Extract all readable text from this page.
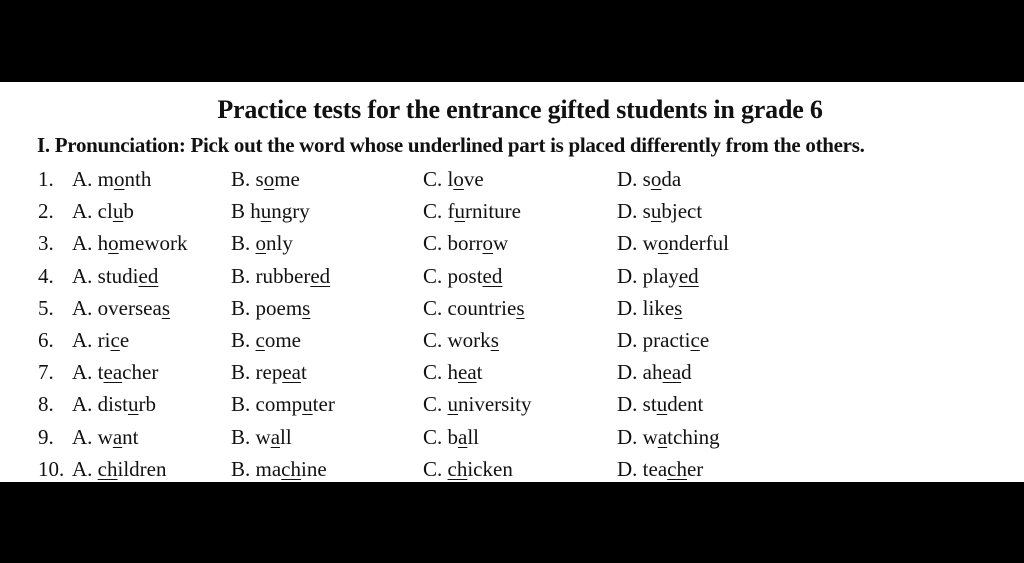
Practice tests for the entrance gifted students in grade 6
I. Pronunciation: Pick out the word whose underlined part is placed differently from the others.
1. A. month	B. some	C. love	D. soda
2. A. club	B hungry	C. furniture	D. subject
3. A. homework B. only	C. borrow	D. wonderful
4. A. studied	B. rubbered	C. posted	D. played
5. A. overseas	B. poems	C. countries	D. likes
6. A. rice	B. come	C. works	D. practice
7. A. teacher	B. repeat	C. heat	D. ahead
8. A. disturb	B. computer	C. university	D. student
9. A. want	B. wall	C. ball	D. watching
10. A. children	B. machine	C. chicken	D. teacher
